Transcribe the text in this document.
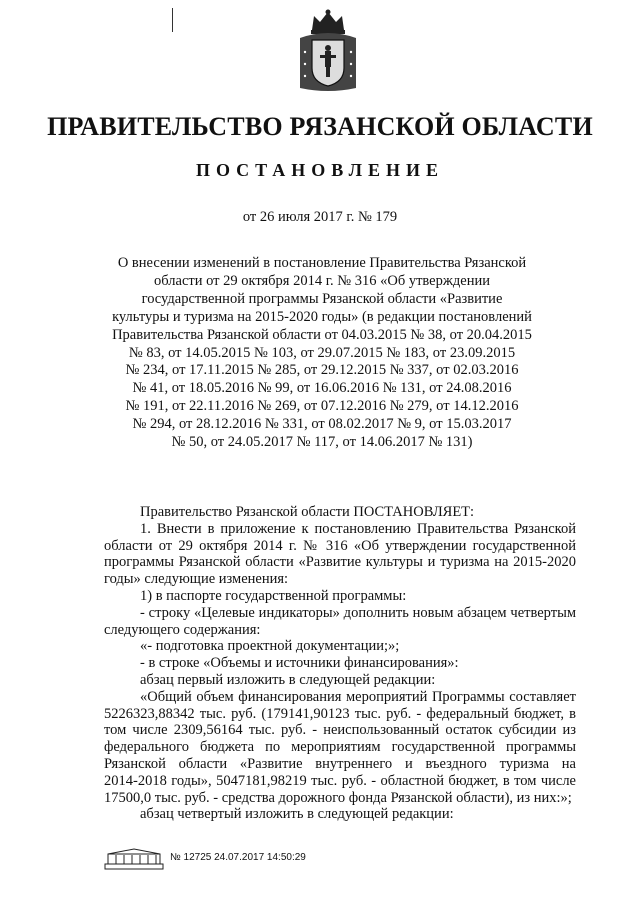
ПРАВИТЕЛЬСТВО РЯЗАНСКОЙ ОБЛАСТИ
ПОСТАНОВЛЕНИЕ
от 26 июля 2017 г. № 179
О внесении изменений в постановление Правительства Рязанской
области от 29 октября 2014 г. № 316 «Об утверждении
государственной программы Рязанской области «Развитие
культуры и туризма на 2015-2020 годы» (в редакции постановлений
Правительства Рязанской области от 04.03.2015 № 38, от 20.04.2015
№ 83, от 14.05.2015 № 103, от 29.07.2015 № 183, от 23.09.2015
№ 234, от 17.11.2015 № 285, от 29.12.2015 № 337, от 02.03.2016
№ 41, от 18.05.2016 № 99, от 16.06.2016 № 131, от 24.08.2016
№ 191, от 22.11.2016 № 269, от 07.12.2016 № 279, от 14.12.2016
№ 294, от 28.12.2016 № 331, от 08.02.2017 № 9, от 15.03.2017
№ 50, от 24.05.2017 № 117, от 14.06.2017 № 131)
Правительство Рязанской области ПОСТАНОВЛЯЕТ:
1. Внести в приложение к постановлению Правительства Рязанской
области от 29 октября 2014 г. № 316 «Об утверждении государственной
программы Рязанской области «Развитие культуры и туризма на 2015-2020
годы» следующие изменения:
1) в паспорте государственной программы:
- строку «Целевые индикаторы» дополнить новым абзацем четвертым
следующего содержания:
«- подготовка проектной документации;»;
- в строке «Объемы и источники финансирования»:
абзац первый изложить в следующей редакции:
«Общий объем финансирования мероприятий Программы составляет
5226323,88342 тыс. руб. (179141,90123 тыс. руб. - федеральный бюджет, в
том числе 2309,56164 тыс. руб. - неиспользованный остаток субсидии из
федерального бюджета по мероприятиям государственной программы
Рязанской области «Развитие внутреннего и въездного туризма на
2014-2018 годы», 5047181,98219 тыс. руб. - областной бюджет, в том числе
17500,0 тыс. руб. - средства дорожного фонда Рязанской области), из них:»;
абзац четвертый изложить в следующей редакции:
№ 12725 24.07.2017 14:50:29
